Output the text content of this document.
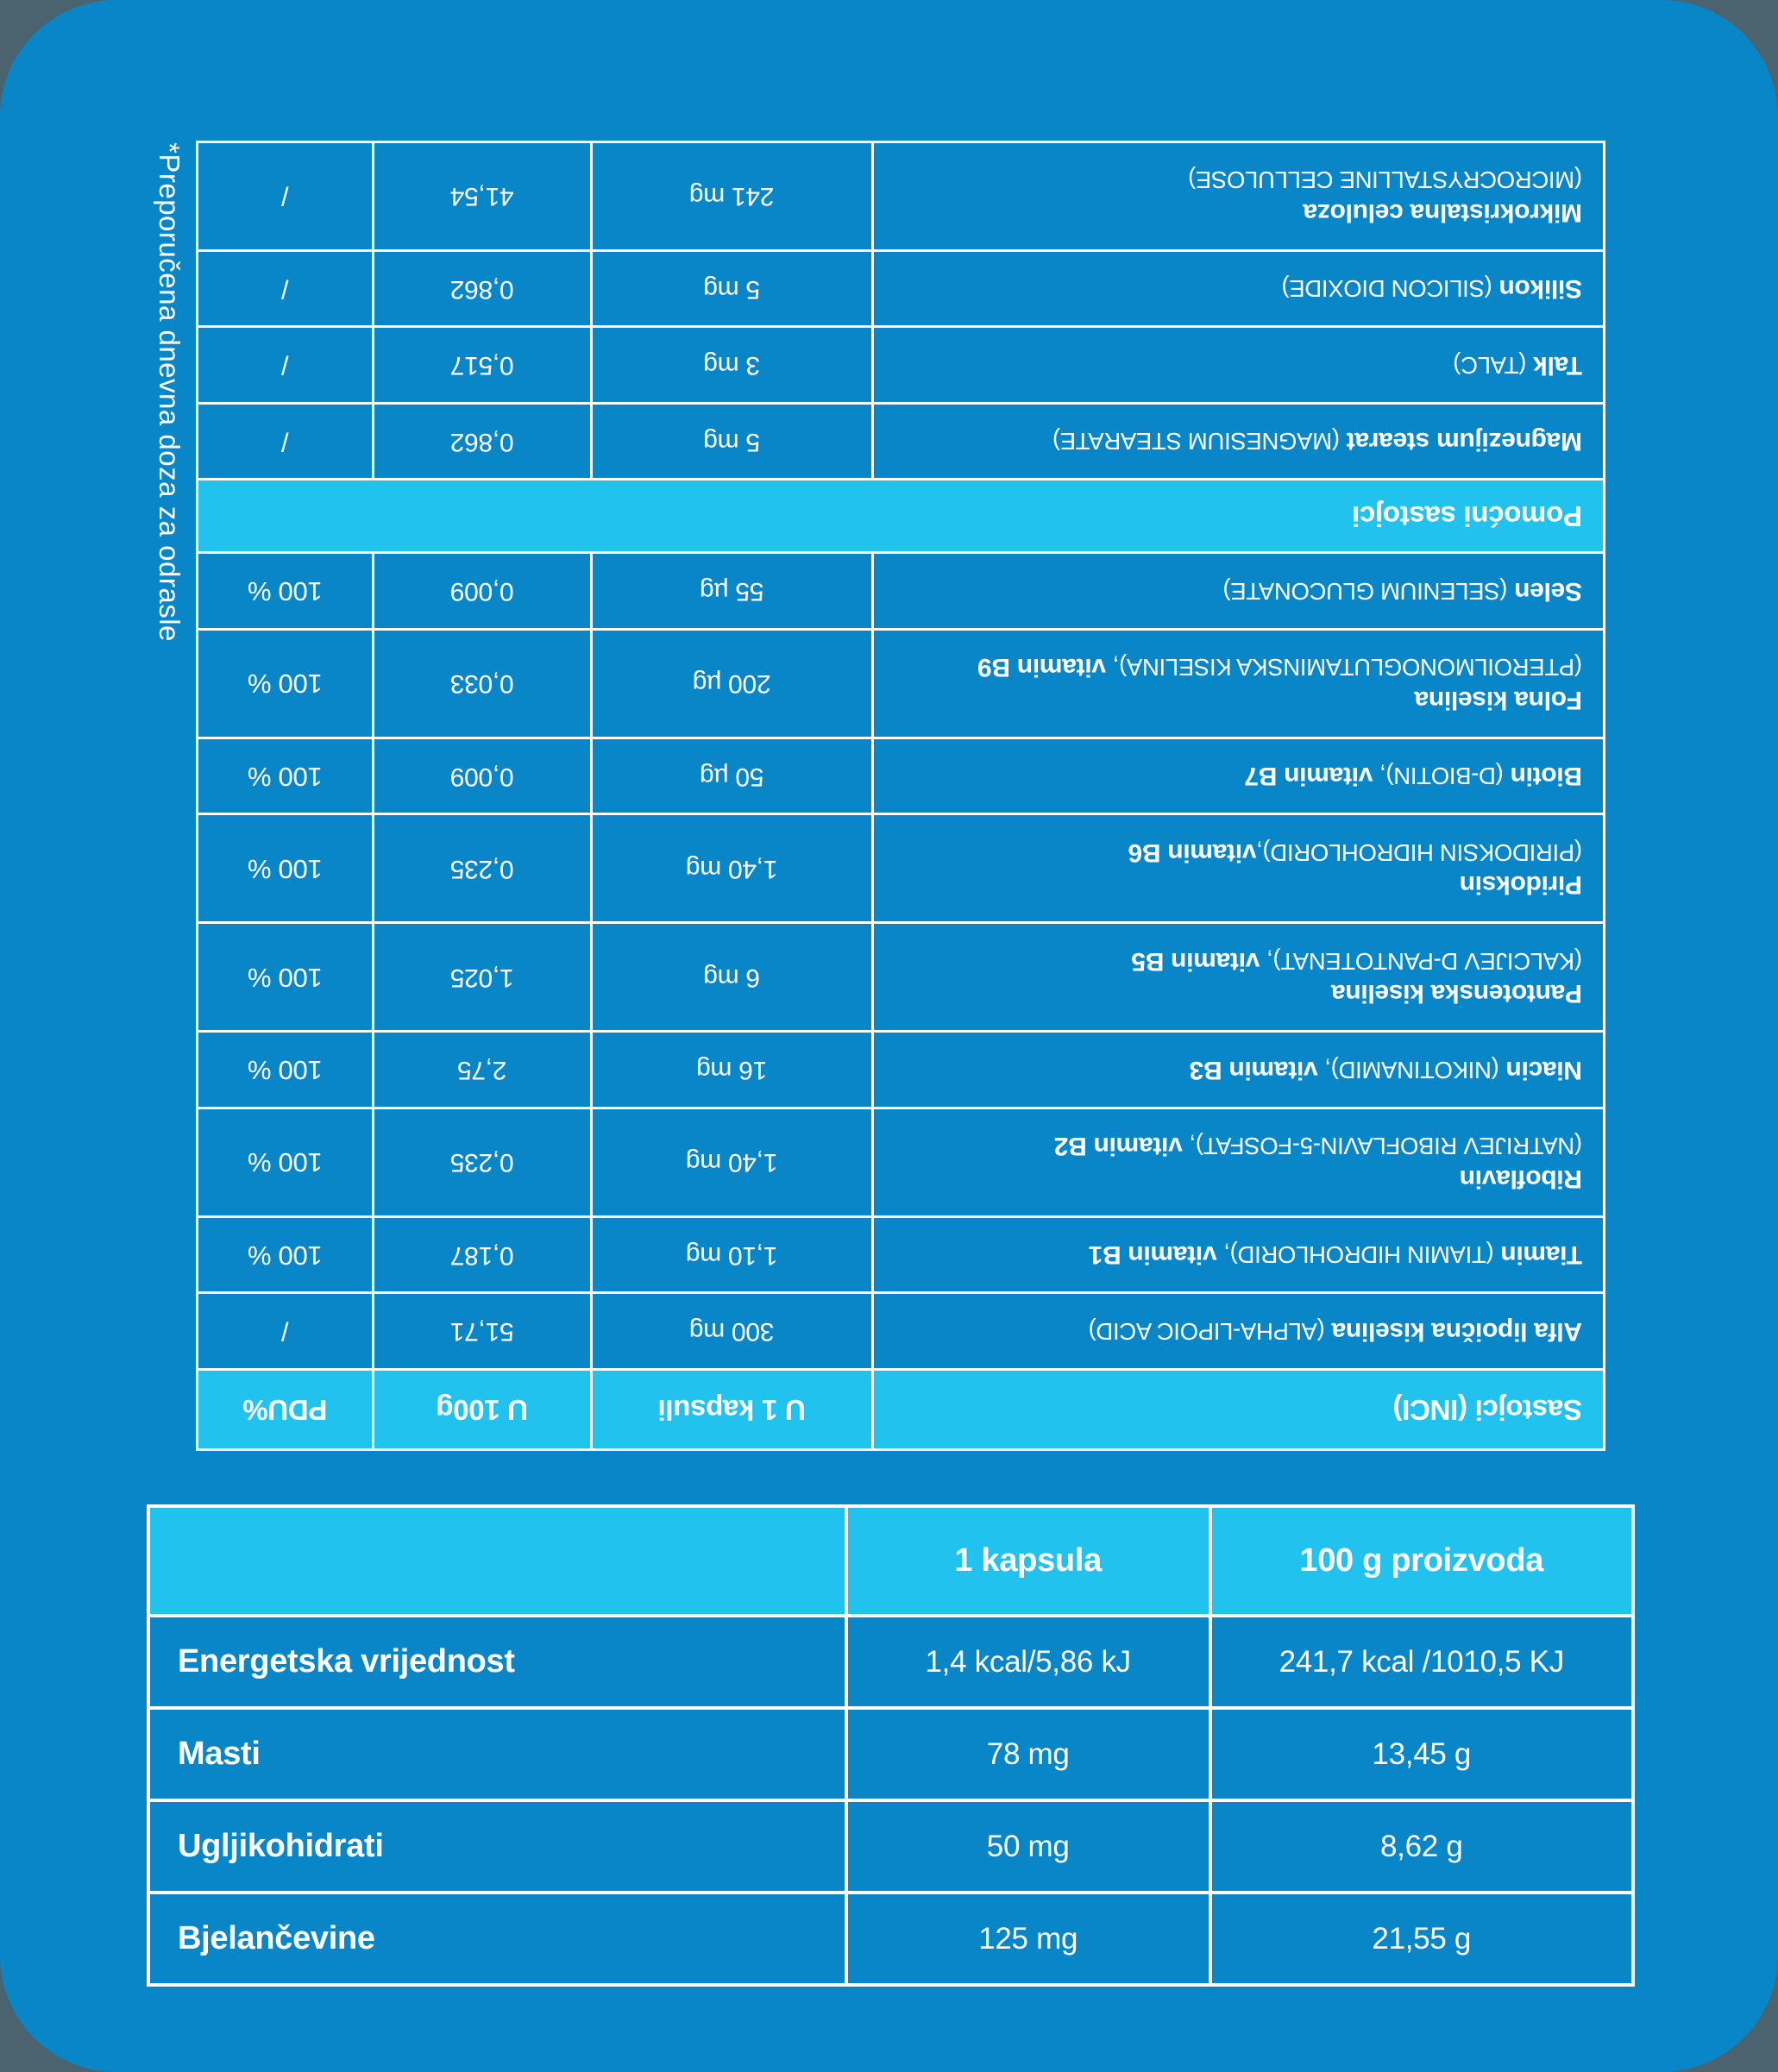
*Preporučena dnevna doza za odrasle
Sastojci (INCI)	U 1 kapsuli	U 100g	PDU%
Alfa lipoična kiselina (ALPHA-LIPOIC ACID)	300 mg	51,71	/
Tiamin (TIAMIN HIDROHLORID), vitamin B1	1,10 mg	0,187	100 %

Riboflavin
(NATRIJEV RIBOFLAVIN-5-FOSFAT), vitamin B2	1,40 mg	0,235	100 %
Niacin (NIKOTINAMID), vitamin B3	16 mg	2,75	100 %

Pantotenska kiselina
(KALCIJEV D-PANTOTENAT), vitamin B5	6 mg	1,025	100 %

Piridoksin
(PIRIDOKSIN HIDROHLORID),vitamin B6	1,40 mg	0,235	100 %
Biotin (D-BIOTIN), vitamin B7	50 µg	0,009	100 %

Folna kiselina
(PTEROILMONOGLUTAMINSKA KISELINA), vitamin B9	200 µg	0,033	100 %
Selen (SELENIUM GLUCONATE)	55 µg	0,009	100 %
Pomoćni sastojci			
Magnezijum stearat (MAGNESIUM STEARATE)	5 mg	0,862	/
Talk (TALC)	3 mg	0,517	/
Silikon (SILICON DIOXIDE)	5 mg	0,862	/

Mikrokristalna celuloza
(MICROCRYSTALLINE CELLULOSE)	241 mg	41,54	/
	1 kapsula	100 g proizvoda
Energetska vrijednost	1,4 kcal/5,86 kJ	241,7 kcal /1010,5 KJ
Masti	78 mg	13,45 g
Ugljikohidrati	50 mg	8,62 g
Bjelančevine	125 mg	21,55 g
